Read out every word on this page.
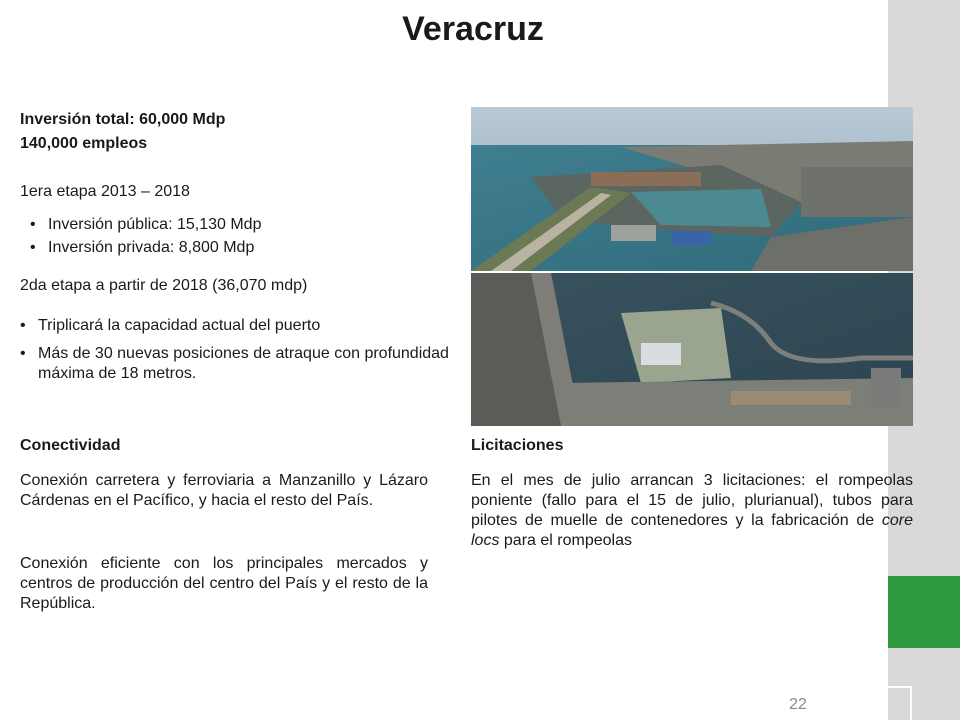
Veracruz

Inversión total: 60,000 Mdp

140,000 empleos

1era etapa 2013 – 2018

• Inversión pública: 15,130 Mdp
• Inversión privada: 8,800 Mdp

2da etapa a partir de 2018 (36,070 mdp)

• Triplicará la capacidad actual del puerto
• Más de 30 nuevas posiciones de atraque con profundidad máxima de 18 metros.

Conectividad

Conexión carretera y ferroviaria a Manzanillo y Lázaro Cárdenas en el Pacífico, y hacia el resto del País.

Conexión eficiente con los principales mercados y centros de producción del centro del País y el resto de la República.

Licitaciones

En el mes de julio arrancan 3 licitaciones: el rompeolas poniente (fallo para el 15 de julio, plurianual), tubos para pilotes de muelle de contenedores y la fabricación de core locs para el rompeolas

22
